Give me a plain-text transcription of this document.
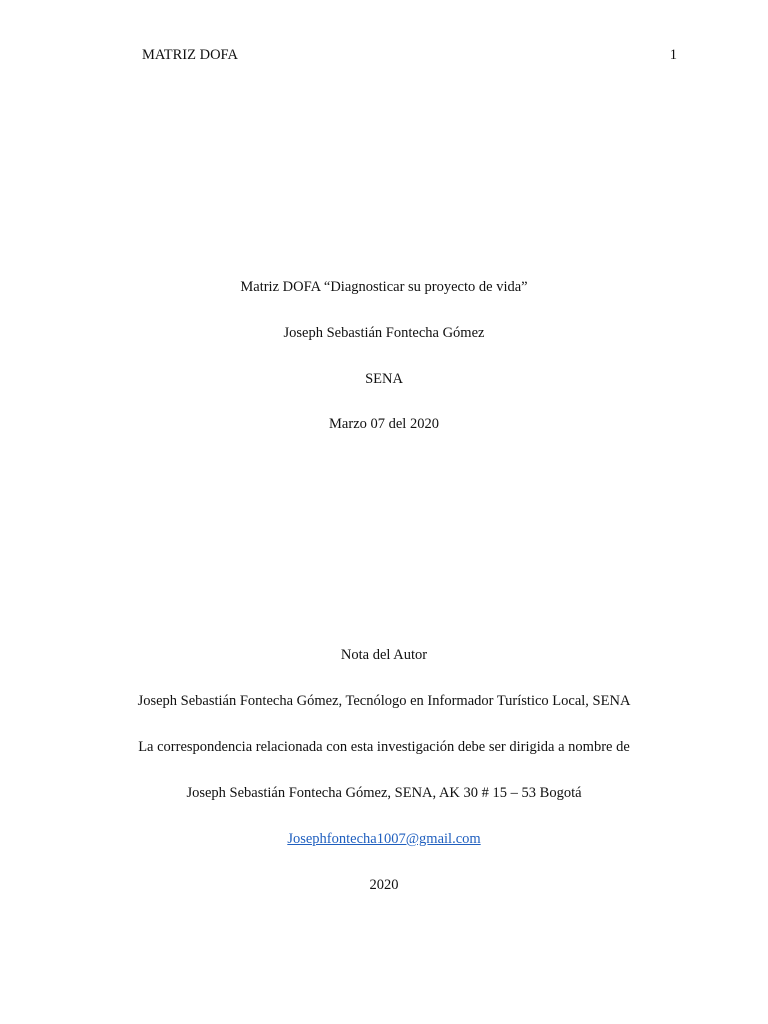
MATRIZ DOFA	1
Matriz DOFA “Diagnosticar su proyecto de vida”
Joseph Sebastián Fontecha Gómez
SENA
Marzo 07 del 2020
Nota del Autor
Joseph Sebastián Fontecha Gómez, Tecnólogo en Informador Turístico Local, SENA
La correspondencia relacionada con esta investigación debe ser dirigida a nombre de
Joseph Sebastián Fontecha Gómez, SENA, AK 30 # 15 – 53 Bogotá
Josephfontecha1007@gmail.com
2020
